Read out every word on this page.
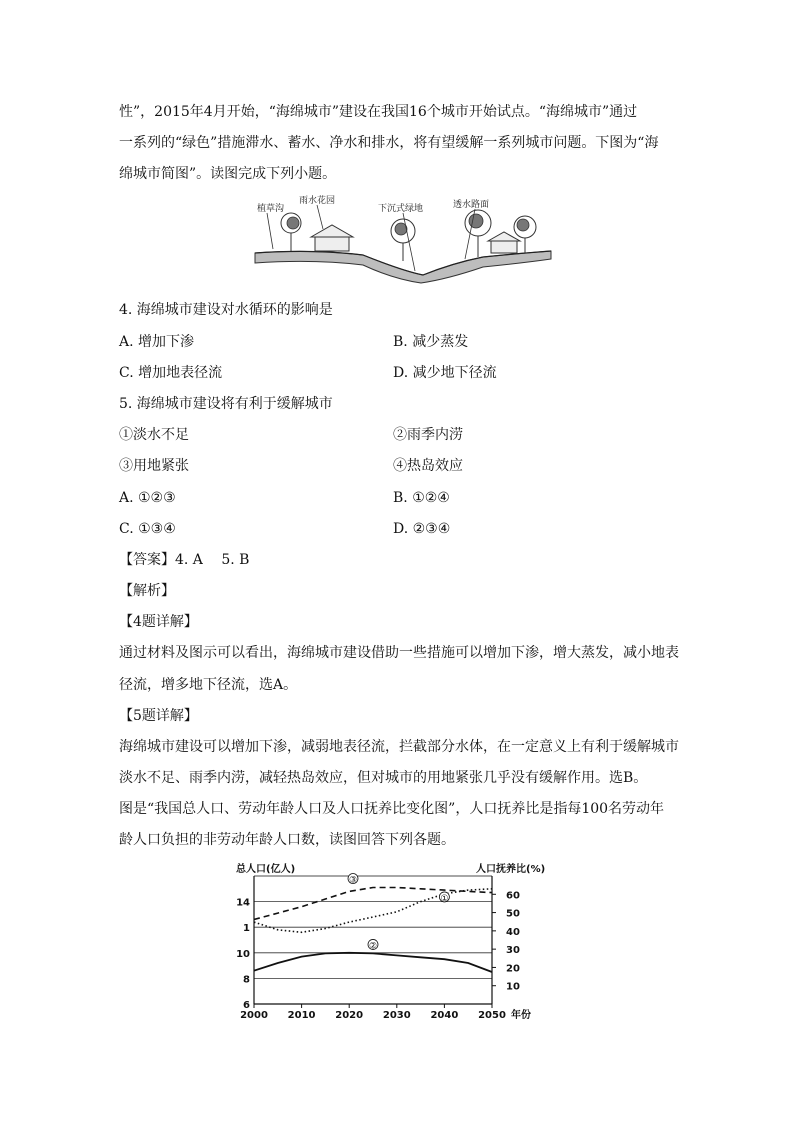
性”，2015年4月开始，“海绵城市”建设在我国16个城市开始试点。“海绵城市”通过
一系列的“绿色”措施滞水、蓄水、净水和排水，将有望缓解一系列城市问题。下图为“海
绵城市简图”。读图完成下列小题。
植草沟
雨水花园
下沉式绿地	透水路面
4. 海绵城市建设对水循环的影响是
A. 增加下渗	B. 减少蒸发
C. 增加地表径流	D. 减少地下径流
5. 海绵城市建设将有利于缓解城市
①淡水不足	②雨季内涝
③用地紧张	④热岛效应
A. ①②③	B. ①②④
C. ①③④	D. ②③④
【答案】4. A　 5. B
【解析】
【4题详解】
通过材料及图示可以看出，海绵城市建设借助一些措施可以增加下渗，增大蒸发，减小地表
径流，增多地下径流，选A。
【5题详解】
海绵城市建设可以增加下渗，减弱地表径流，拦截部分水体，在一定意义上有利于缓解城市
淡水不足、雨季内涝，减轻热岛效应，但对城市的用地紧张几乎没有缓解作用。选B。
图是“我国总人口、劳动年龄人口及人口抚养比变化图”，人口抚养比是指每100名劳动年
龄人口负担的非劳动年龄人口数，读图回答下列各题。
总人口(亿人)	人口抚养比(%)
年份
①
②
③
14
1
10
8
6
60
50
40
30
20
10
2000 2010 2020 2030 2040 2050
